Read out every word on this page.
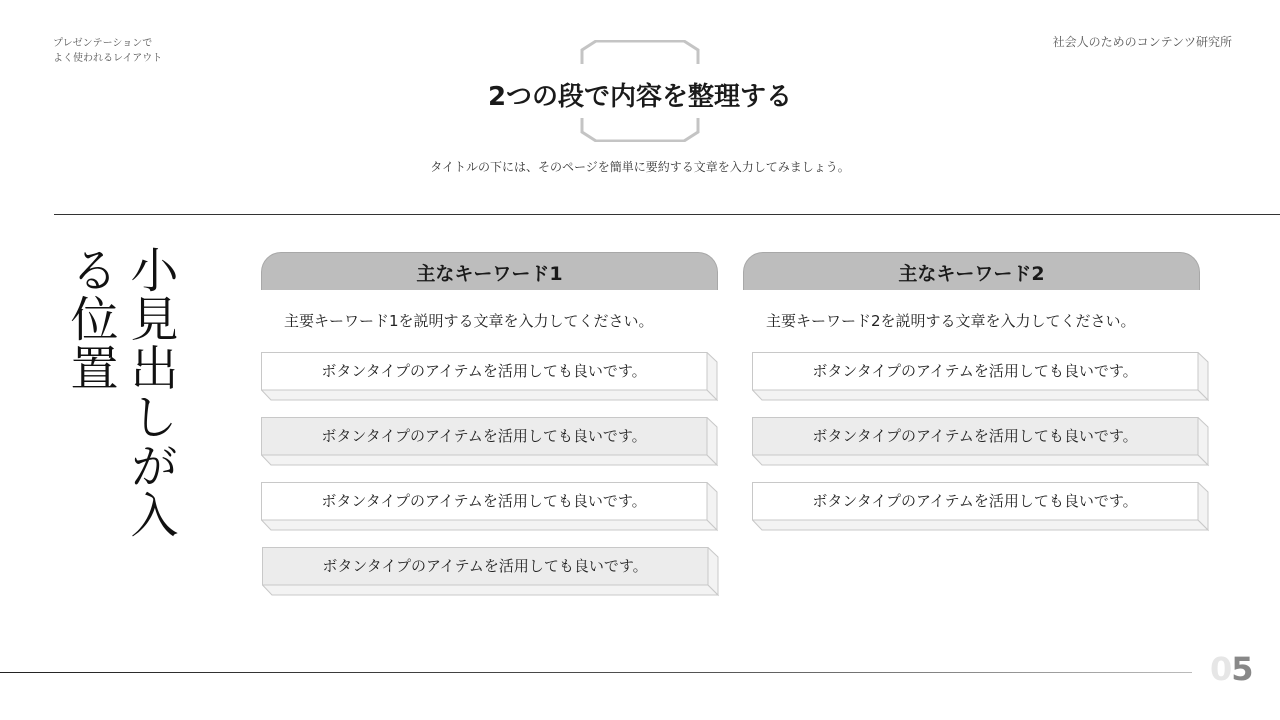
プレゼンテーションで
よく使われるレイアウト
社会人のためのコンテンツ研究所
2つの段で内容を整理する
タイトルの下には、そのページを簡単に要約する文章を入力してみましょう。
小見出しが入る位置	主なキーワード1
主要キーワード1を説明する文章を入力してください。
ボタンタイプのアイテムを活用しても良いです。
ボタンタイプのアイテムを活用しても良いです。
ボタンタイプのアイテムを活用しても良いです。
ボタンタイプのアイテムを活用しても良いです。
主なキーワード2
主要キーワード2を説明する文章を入力してください。
ボタンタイプのアイテムを活用しても良いです。
ボタンタイプのアイテムを活用しても良いです。
ボタンタイプのアイテムを活用しても良いです。
05
